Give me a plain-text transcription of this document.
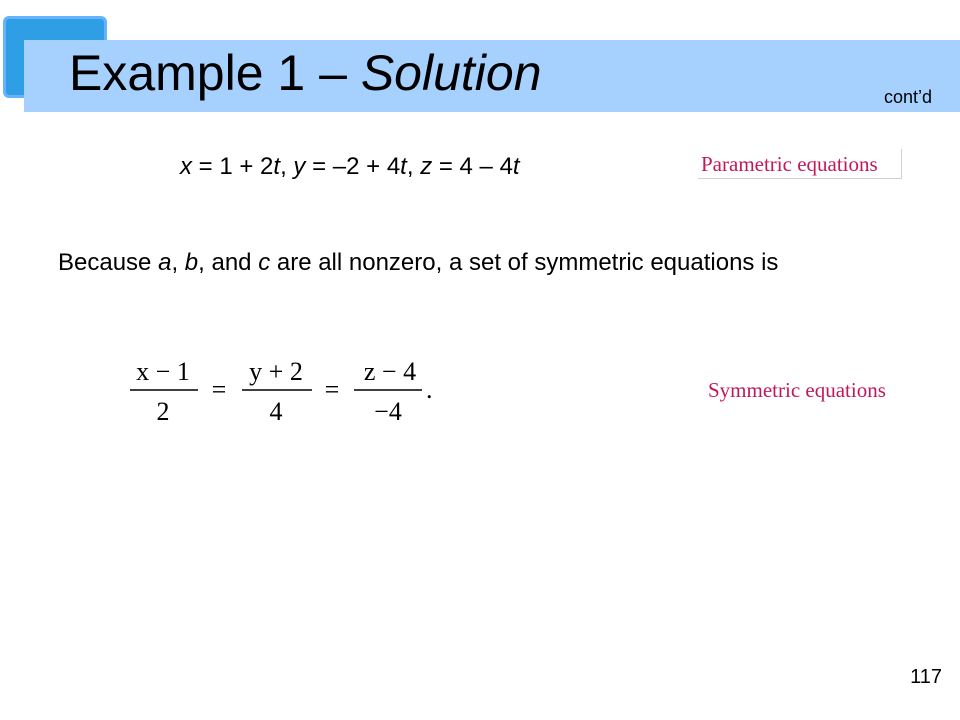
Example 1 – Solution	cont’d
x = 1 + 2t, y = –2 + 4t, z = 4 – 4t	Parametric equations
Because a, b, and c are all nonzero, a set of symmetric equations is
x − 1
2
=
y + 2
4
=
z − 4
−4
.	Symmetric equations
117
